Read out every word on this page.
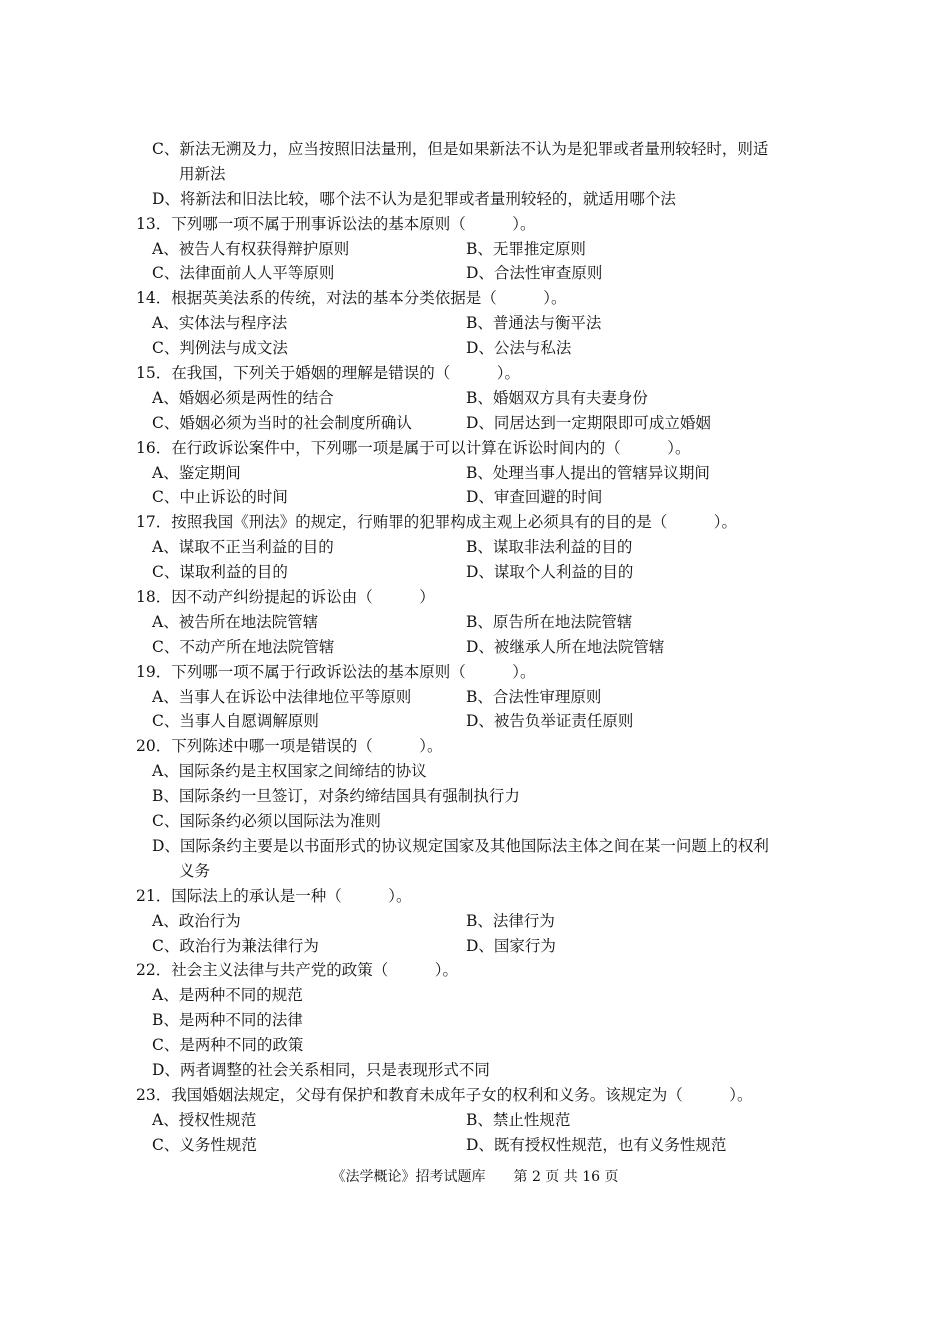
C、新法无溯及力，应当按照旧法量刑，但是如果新法不认为是犯罪或者量刑较轻时，则适
用新法
D、将新法和旧法比较，哪个法不认为是犯罪或者量刑较轻的，就适用哪个法
13．下列哪一项不属于刑事诉讼法的基本原则（　　　）。
A、被告人有权获得辩护原则	B、无罪推定原则
C、法律面前人人平等原则	D、合法性审查原则
14．根据英美法系的传统，对法的基本分类依据是（　　　）。
A、实体法与程序法	B、普通法与衡平法
C、判例法与成文法	D、公法与私法
15．在我国，下列关于婚姻的理解是错误的（　　　）。
A、婚姻必须是两性的结合	B、婚姻双方具有夫妻身份
C、婚姻必须为当时的社会制度所确认	D、同居达到一定期限即可成立婚姻
16．在行政诉讼案件中，下列哪一项是属于可以计算在诉讼时间内的（　　　）。
A、鉴定期间	B、处理当事人提出的管辖异议期间
C、中止诉讼的时间	D、审查回避的时间
17．按照我国《刑法》的规定，行贿罪的犯罪构成主观上必须具有的目的是（　　　）。
A、谋取不正当利益的目的	B、谋取非法利益的目的
C、谋取利益的目的	D、谋取个人利益的目的
18．因不动产纠纷提起的诉讼由（　　　）
A、被告所在地法院管辖	B、原告所在地法院管辖
C、不动产所在地法院管辖	D、被继承人所在地法院管辖
19．下列哪一项不属于行政诉讼法的基本原则（　　　）。
A、当事人在诉讼中法律地位平等原则	B、合法性审理原则
C、当事人自愿调解原则	D、被告负举证责任原则
20．下列陈述中哪一项是错误的（　　　）。
A、国际条约是主权国家之间缔结的协议
B、国际条约一旦签订，对条约缔结国具有强制执行力
C、国际条约必须以国际法为准则
D、国际条约主要是以书面形式的协议规定国家及其他国际法主体之间在某一问题上的权利
义务
21．国际法上的承认是一种（　　　）。
A、政治行为	B、法律行为
C、政治行为兼法律行为	D、国家行为
22．社会主义法律与共产党的政策（　　　）。
A、是两种不同的规范
B、是两种不同的法律
C、是两种不同的政策
D、两者调整的社会关系相同，只是表现形式不同
23．我国婚姻法规定，父母有保护和教育未成年子女的权利和义务。该规定为（　　　）。
A、授权性规范	B、禁止性规范
C、义务性规范	D、既有授权性规范，也有义务性规范
《法学概论》招考试题库　　第 2 页 共 16 页
